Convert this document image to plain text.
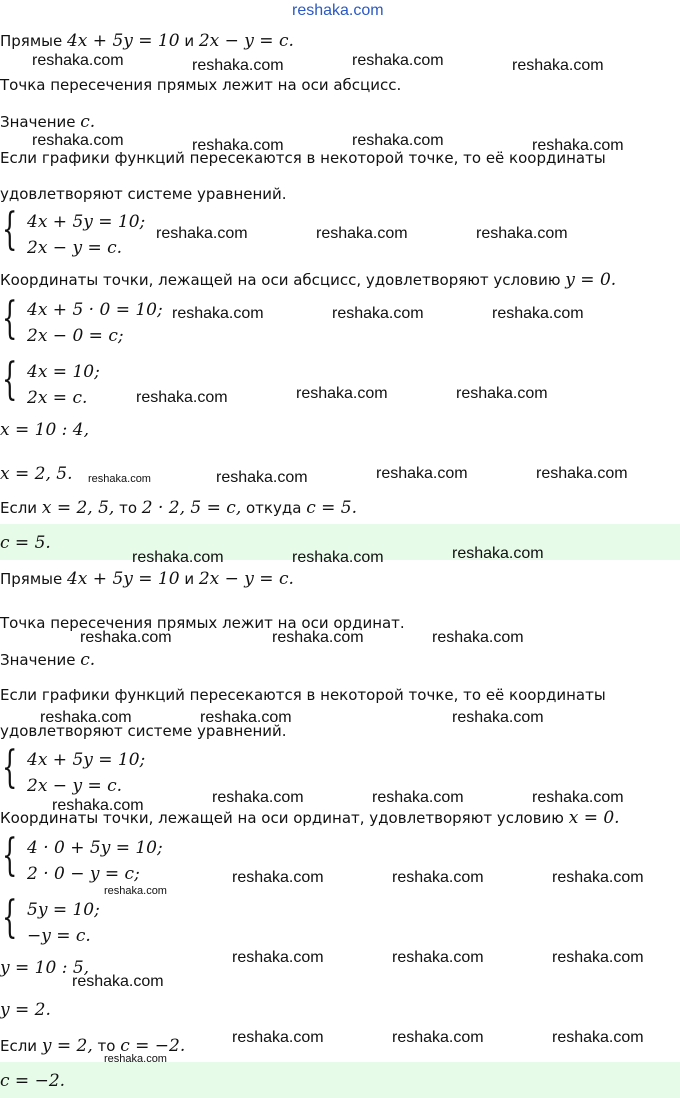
reshaka.com
Прямые 4x + 5y = 10 и 2x − y = c.
Точка пересечения прямых лежит на оси абсцисс.
Значение c.
Если графики функций пересекаются в некоторой точке, то её координаты
удовлетворяют системе уравнений.
{ 4x + 5y = 10;
2x − y = c.
Координаты точки, лежащей на оси абсцисс, удовлетворяют условию y = 0.
{ 4x + 5 · 0 = 10;
2x − 0 = c;
{ 4x = 10;
2x = c.
x = 10 : 4,
x = 2, 5.
Если x = 2, 5, то 2 · 2, 5 = c, откуда c = 5.
c = 5.
Прямые 4x + 5y = 10 и 2x − y = c.
Точка пересечения прямых лежит на оси ординат.
Значение c.
Если графики функций пересекаются в некоторой точке, то её координаты
удовлетворяют системе уравнений.
{ 4x + 5y = 10;
2x − y = c.
Координаты точки, лежащей на оси ординат, удовлетворяют условию x = 0.
{ 4 · 0 + 5y = 10;
2 · 0 − y = c;
{ 5y = 10;
−y = c.
y = 10 : 5,
y = 2.
Если y = 2, то c = −2.
c = −2.
reshaka.com	reshaka.com	reshaka.com	reshaka.com
reshaka.com	reshaka.com	reshaka.com	reshaka.com
reshaka.com	reshaka.com	reshaka.com
reshaka.com	reshaka.com	reshaka.com
reshaka.com	reshaka.com	reshaka.com
reshaka.com	reshaka.com	reshaka.com	reshaka.com
reshaka.com	reshaka.com	reshaka.com
reshaka.com	reshaka.com	reshaka.com
reshaka.com	reshaka.com	reshaka.com
reshaka.com	reshaka.com	reshaka.com	reshaka.com
reshaka.com
reshaka.com	reshaka.com	reshaka.com
reshaka.com	reshaka.com	reshaka.com
reshaka.com
reshaka.com	reshaka.com	reshaka.com
reshaka.com
